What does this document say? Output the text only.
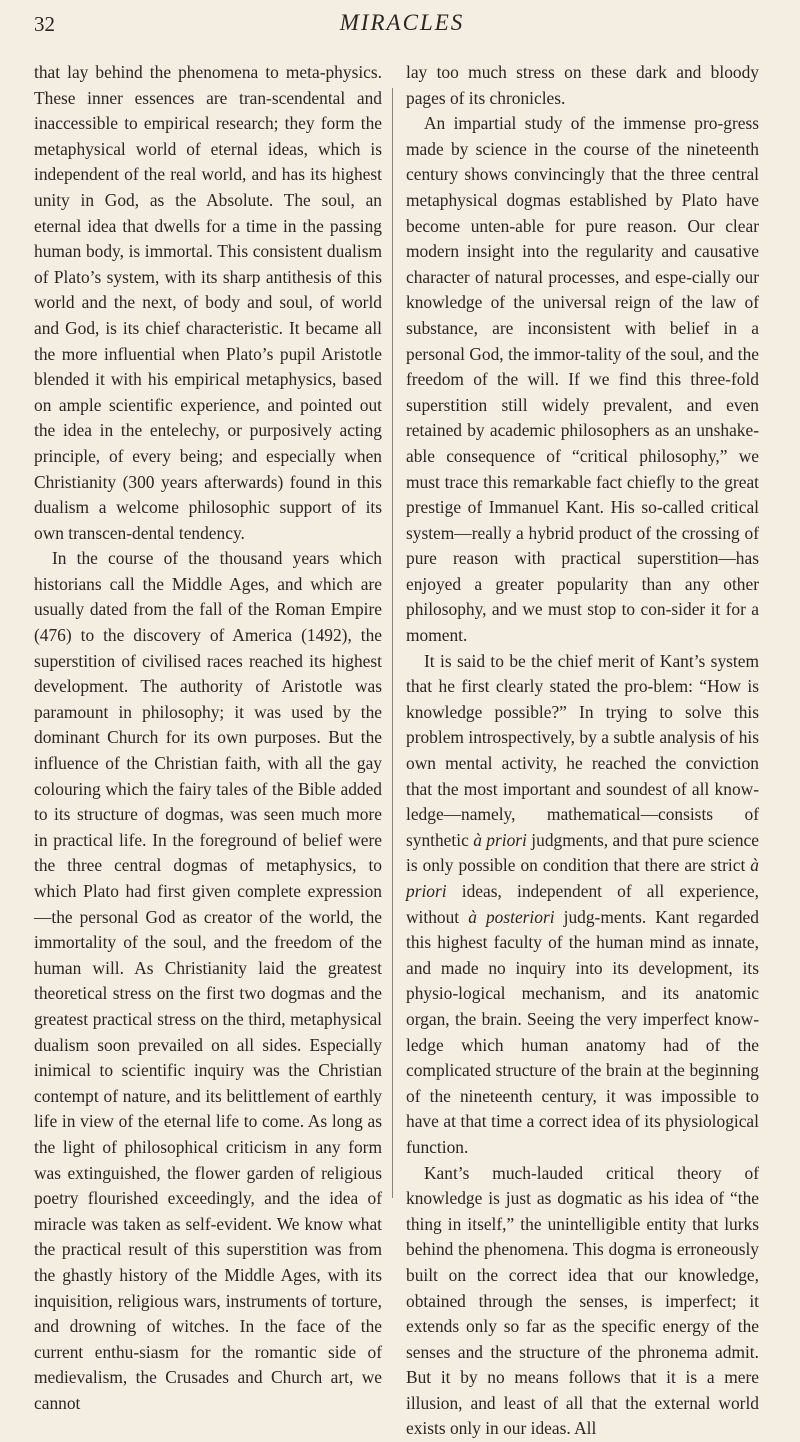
32	MIRACLES

that lay behind the phenomena to meta-physics. These inner essences are tran-scendental and inaccessible to empirical research; they form the metaphysical world of eternal ideas, which is independent of the real world, and has its highest unity in God, as the Absolute. The soul, an eternal idea that dwells for a time in the passing human body, is immortal. This consistent dualism of Plato’s system, with its sharp antithesis of this world and the next, of body and soul, of world and God, is its chief characteristic. It became all the more influential when Plato’s pupil Aristotle blended it with his empirical metaphysics, based on ample scientific experience, and pointed out the idea in the entelechy, or purposively acting principle, of every being; and especially when Christianity (300 years afterwards) found in this dualism a welcome philosophic support of its own transcen-dental tendency.

In the course of the thousand years which historians call the Middle Ages, and which are usually dated from the fall of the Roman Empire (476) to the discovery of America (1492), the superstition of civilised races reached its highest development. The authority of Aristotle was paramount in philosophy; it was used by the dominant Church for its own purposes. But the influence of the Christian faith, with all the gay colouring which the fairy tales of the Bible added to its structure of dogmas, was seen much more in practical life. In the foreground of belief were the three central dogmas of metaphysics, to which Plato had first given complete expression—the personal God as creator of the world, the immortality of the soul, and the freedom of the human will. As Christianity laid the greatest theoretical stress on the first two dogmas and the greatest practical stress on the third, metaphysical dualism soon prevailed on all sides. Especially inimical to scientific inquiry was the Christian contempt of nature, and its belittlement of earthly life in view of the eternal life to come. As long as the light of philosophical criticism in any form was extinguished, the flower garden of religious poetry flourished exceedingly, and the idea of miracle was taken as self-evident. We know what the practical result of this superstition was from the ghastly history of the Middle Ages, with its inquisition, religious wars, instruments of torture, and drowning of witches. In the face of the current enthu-siasm for the romantic side of medievalism, the Crusades and Church art, we cannot

lay too much stress on these dark and bloody pages of its chronicles.

An impartial study of the immense pro-gress made by science in the course of the nineteenth century shows convincingly that the three central metaphysical dogmas established by Plato have become unten-able for pure reason. Our clear modern insight into the regularity and causative character of natural processes, and espe-cially our knowledge of the universal reign of the law of substance, are inconsistent with belief in a personal God, the immor-tality of the soul, and the freedom of the will. If we find this three-fold superstition still widely prevalent, and even retained by academic philosophers as an unshake-able consequence of “critical philosophy,” we must trace this remarkable fact chiefly to the great prestige of Immanuel Kant. His so-called critical system—really a hybrid product of the crossing of pure reason with practical superstition—has enjoyed a greater popularity than any other philosophy, and we must stop to con-sider it for a moment.

It is said to be the chief merit of Kant’s system that he first clearly stated the pro-blem: “How is knowledge possible?” In trying to solve this problem introspectively, by a subtle analysis of his own mental activity, he reached the conviction that the most important and soundest of all know-ledge—namely, mathematical—consists of synthetic à priori judgments, and that pure science is only possible on condition that there are strict à priori ideas, independent of all experience, without à posteriori judg-ments. Kant regarded this highest faculty of the human mind as innate, and made no inquiry into its development, its physio-logical mechanism, and its anatomic organ, the brain. Seeing the very imperfect know-ledge which human anatomy had of the complicated structure of the brain at the beginning of the nineteenth century, it was impossible to have at that time a correct idea of its physiological function.

Kant’s much-lauded critical theory of knowledge is just as dogmatic as his idea of “the thing in itself,” the unintelligible entity that lurks behind the phenomena. This dogma is erroneously built on the correct idea that our knowledge, obtained through the senses, is imperfect; it extends only so far as the specific energy of the senses and the structure of the phronema admit. But it by no means follows that it is a mere illusion, and least of all that the external world exists only in our ideas. All
